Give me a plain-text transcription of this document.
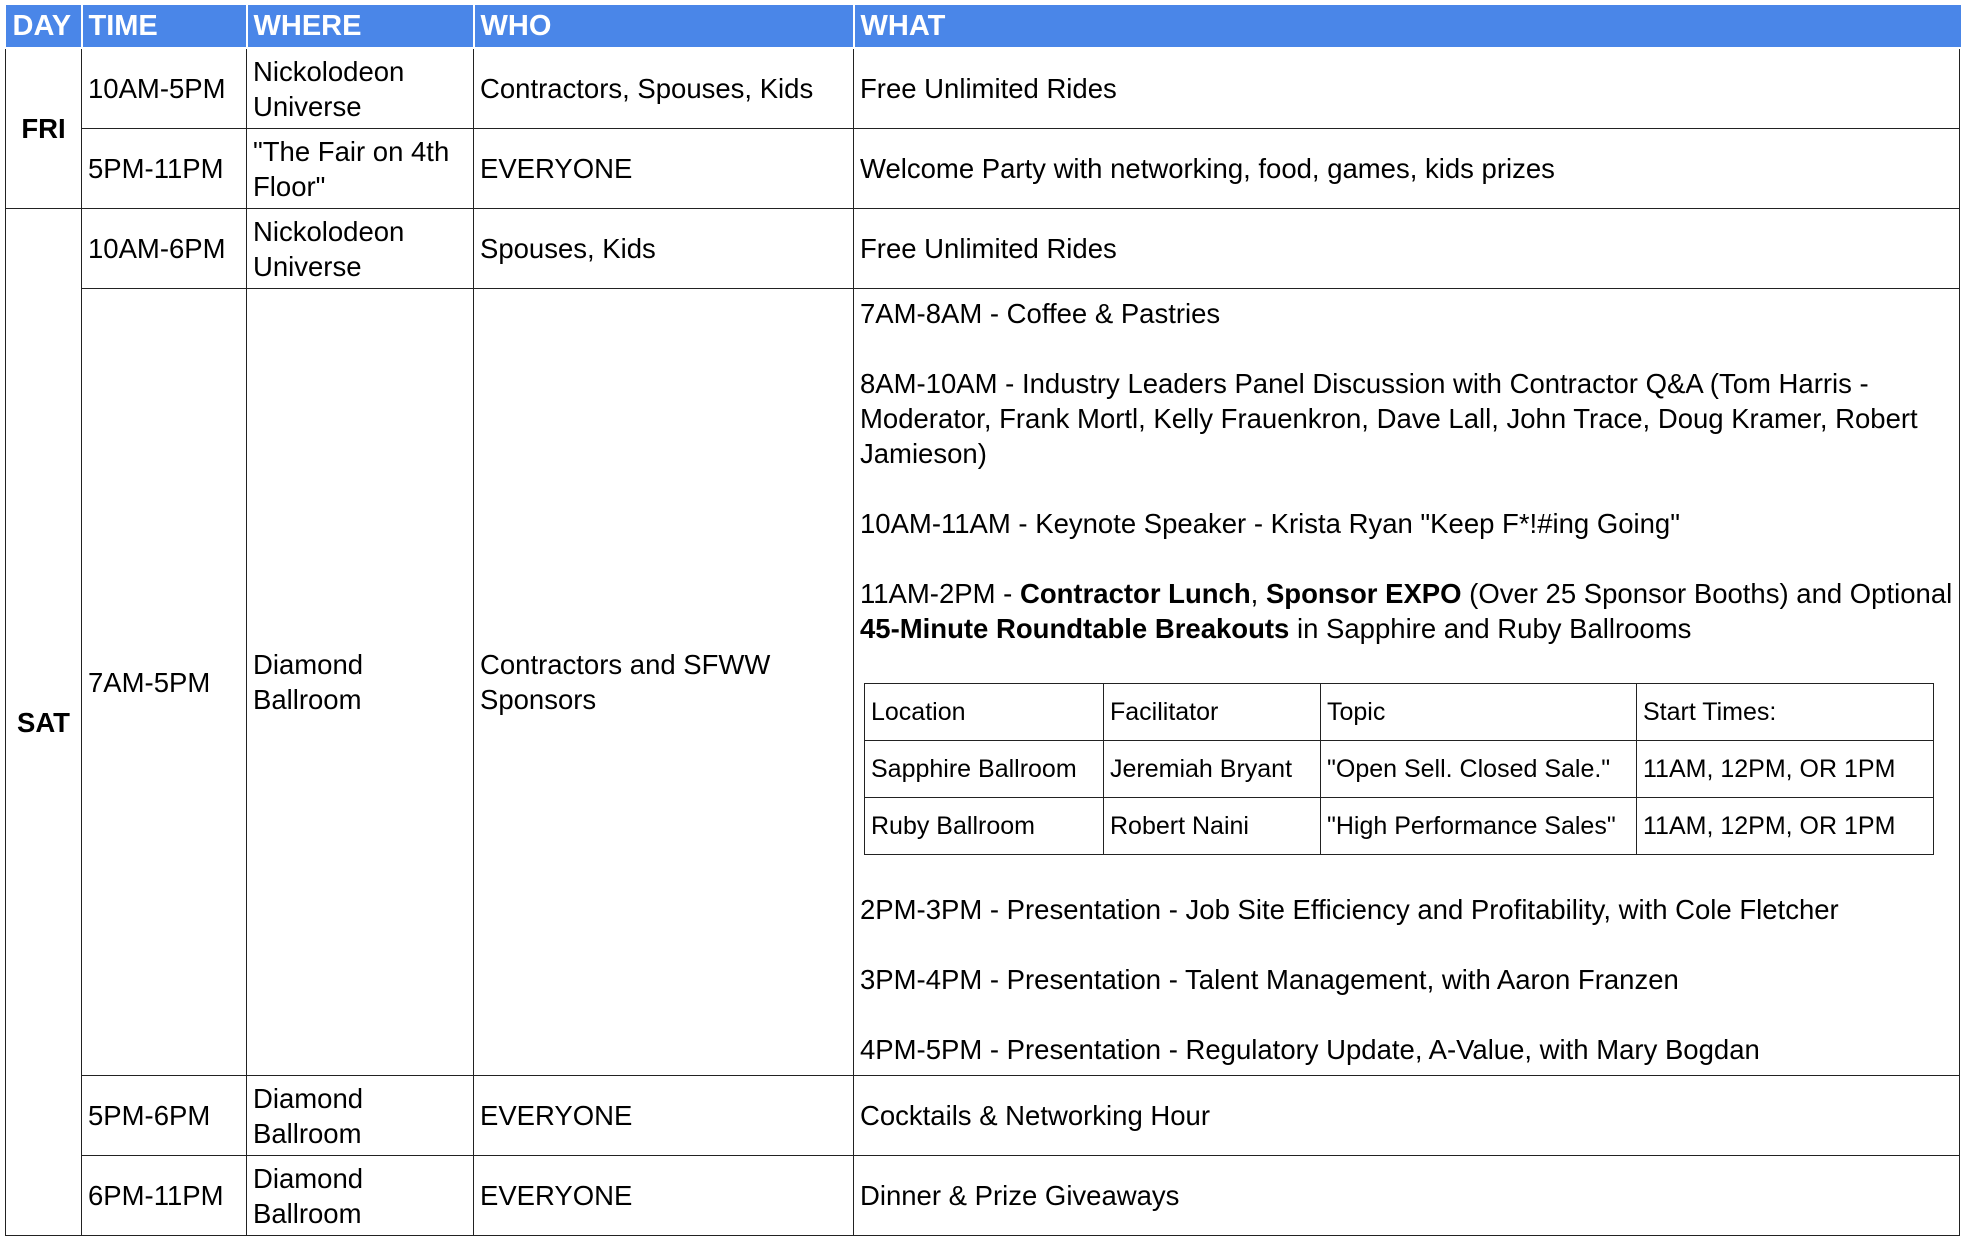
DAY	TIME	WHERE	WHO	WHAT
FRI	10AM-5PM	Nickolodeon Universe	Contractors, Spouses, Kids	Free Unlimited Rides
5PM-11PM	"The Fair on 4th Floor"	EVERYONE	Welcome Party with networking, food, games, kids prizes
SAT	10AM-6PM	Nickolodeon Universe	Spouses, Kids	Free Unlimited Rides
7AM-5PM	Diamond Ballroom	Contractors and SFWW Sponsors	

7AM-8AM - Coffee & Pastries

8AM-10AM - Industry Leaders Panel Discussion with Contractor Q&A (Tom Harris - Moderator, Frank Mortl, Kelly Frauenkron, Dave Lall, John Trace, Doug Kramer, Robert Jamieson)

10AM-11AM - Keynote Speaker - Krista Ryan "Keep F*!#ing Going"

11AM-2PM - Contractor Lunch, Sponsor EXPO (Over 25 Sponsor Booths) and Optional 45-Minute Roundtable Breakouts in Sapphire and Ruby Ballrooms

Location	Facilitator	Topic	Start Times:
Sapphire Ballroom	Jeremiah Bryant	"Open Sell. Closed Sale."	11AM, 12PM, OR 1PM
Ruby Ballroom	Robert Naini	"High Performance Sales"	11AM, 12PM, OR 1PM

2PM-3PM - Presentation - Job Site Efficiency and Profitability, with Cole Fletcher

3PM-4PM - Presentation - Talent Management, with Aaron Franzen

4PM-5PM - Presentation - Regulatory Update, A-Value, with Mary Bogdan

5PM-6PM	Diamond Ballroom	EVERYONE	Cocktails & Networking Hour
6PM-11PM	Diamond Ballroom	EVERYONE	Dinner & Prize Giveaways
